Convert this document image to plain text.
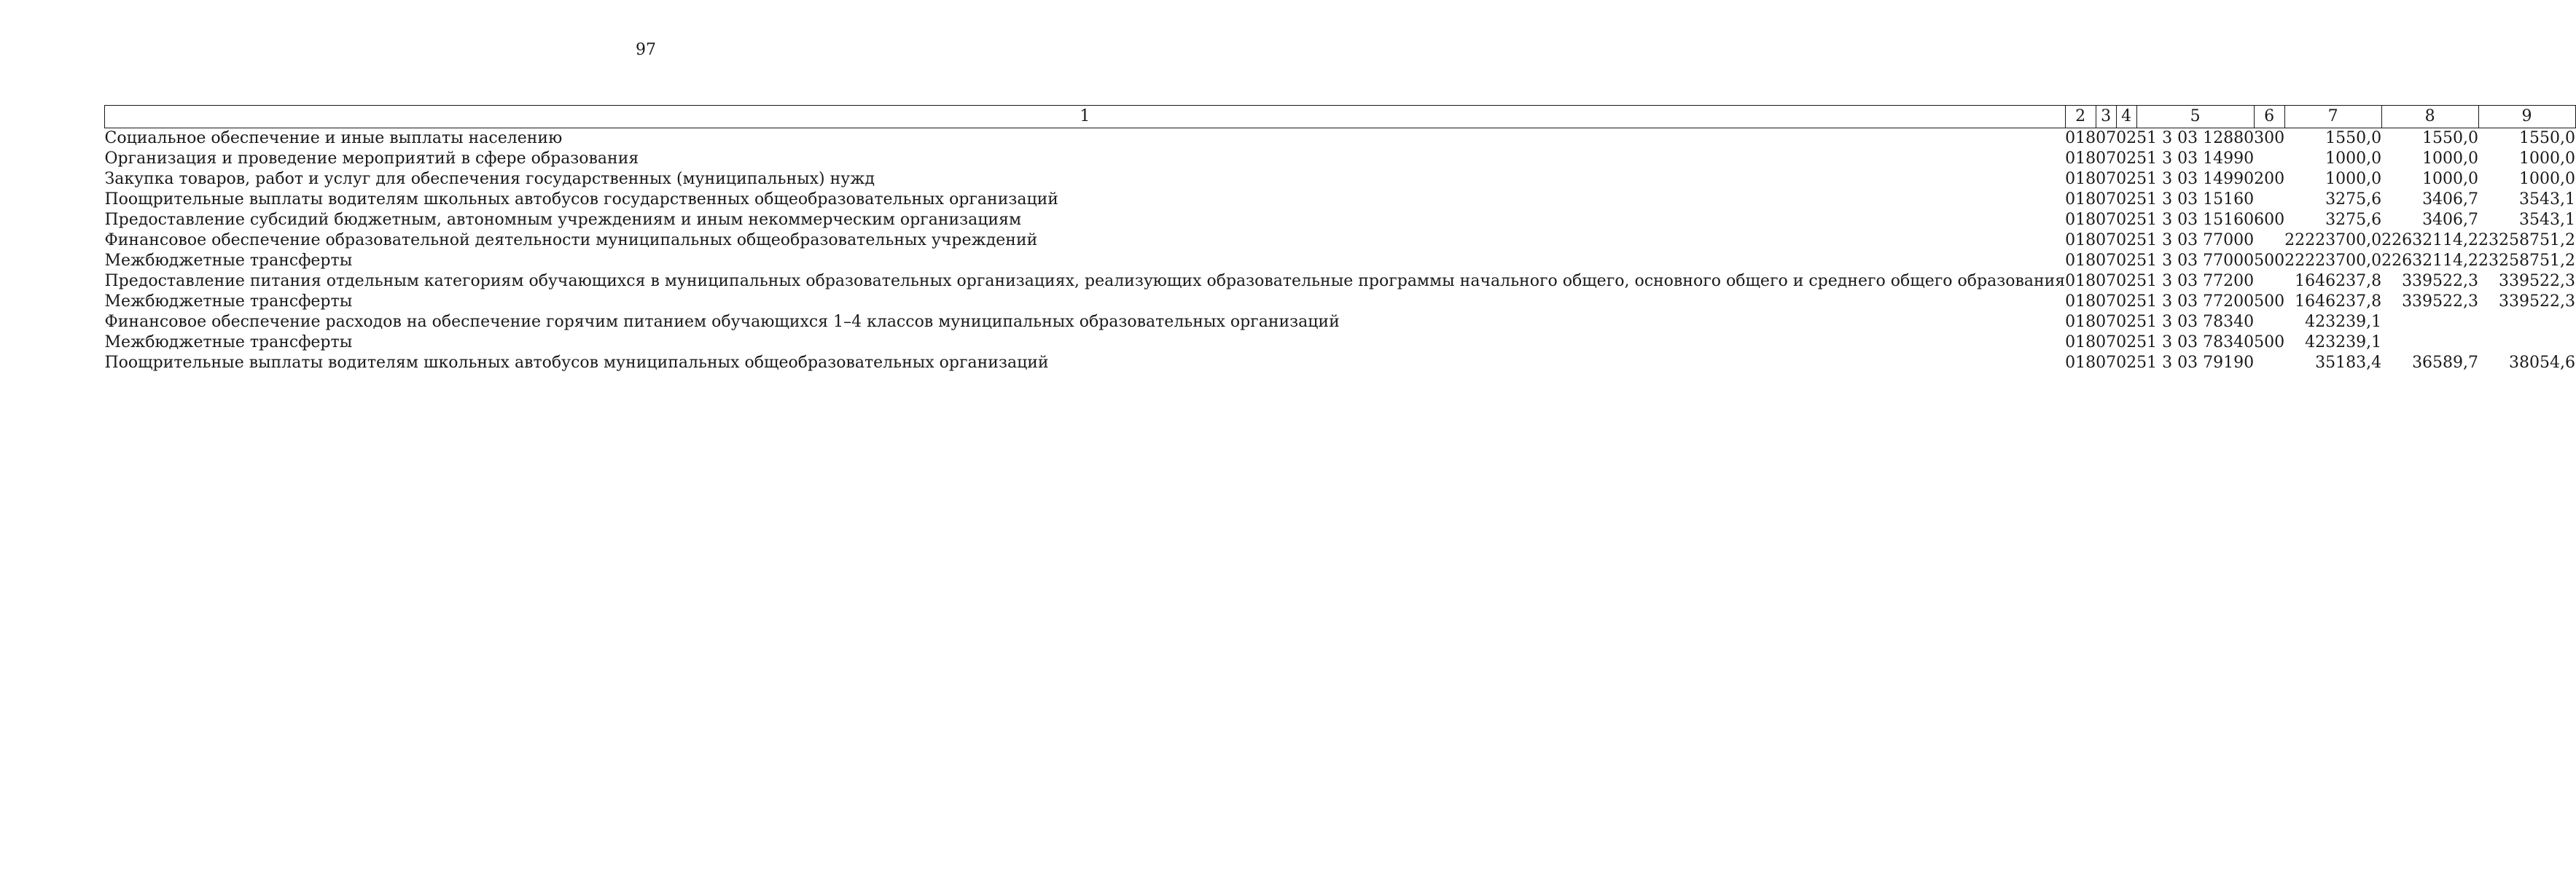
97
1	2	3	4	5	6	7	8	9
Социальное обеспечение и иные выплаты населению	018	07	02	51 3 03 12880	300	1550,0	1550,0	1550,0
Организация и проведение мероприятий в сфере образования	018	07	02	51 3 03 14990		1000,0	1000,0	1000,0
Закупка товаров, работ и услуг для обеспечения государственных (муниципальных) нужд	018	07	02	51 3 03 14990	200	1000,0	1000,0	1000,0
Поощрительные выплаты водителям школьных автобусов государственных общеобразовательных организаций	018	07	02	51 3 03 15160		3275,6	3406,7	3543,1
Предоставление субсидий бюджетным, автономным учреждениям и иным некоммерческим организациям	018	07	02	51 3 03 15160	600	3275,6	3406,7	3543,1
Финансовое обеспечение образовательной деятельности муниципальных общеобразовательных учреждений	018	07	02	51 3 03 77000		22223700,0	22632114,2	23258751,2
Межбюджетные трансферты	018	07	02	51 3 03 77000	500	22223700,0	22632114,2	23258751,2
Предоставление питания отдельным категориям обучающихся в муниципальных образовательных организациях, реализующих образовательные программы начального общего, основного общего и среднего общего образования	018	07	02	51 3 03 77200		1646237,8	339522,3	339522,3
Межбюджетные трансферты	018	07	02	51 3 03 77200	500	1646237,8	339522,3	339522,3
Финансовое обеспечение расходов на обеспечение горячим питанием обучающихся 1–4 классов муниципальных образовательных организаций	018	07	02	51 3 03 78340		423239,1		
Межбюджетные трансферты	018	07	02	51 3 03 78340	500	423239,1		
Поощрительные выплаты водителям школьных автобусов муниципальных общеобразовательных организаций	018	07	02	51 3 03 79190		35183,4	36589,7	38054,6
